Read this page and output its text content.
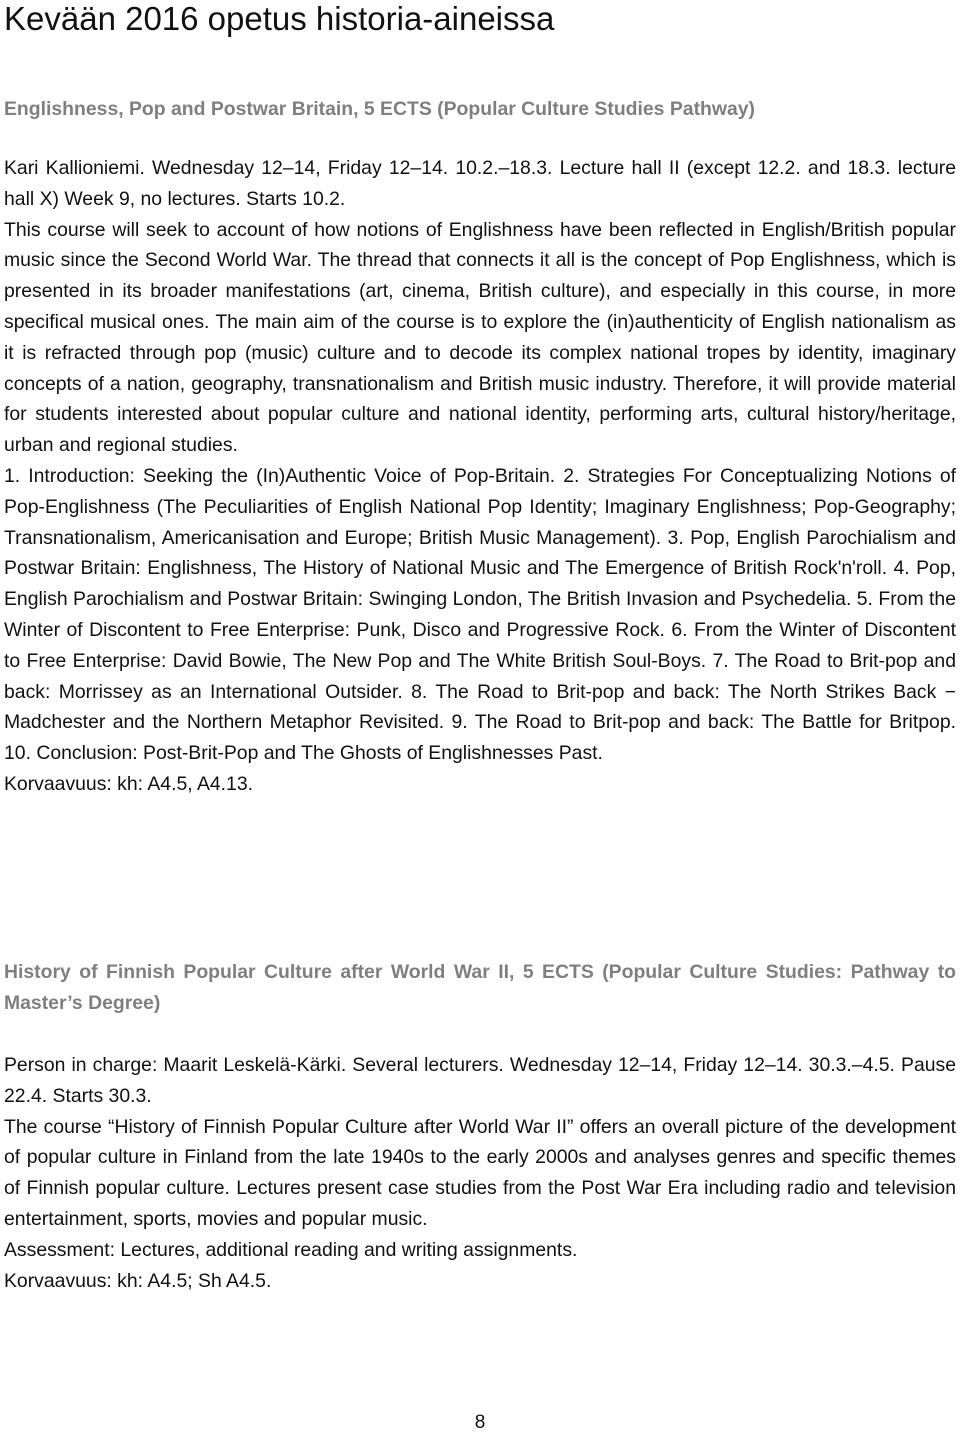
Kevään 2016 opetus historia-aineissa
Englishness, Pop and Postwar Britain, 5 ECTS (Popular Culture Studies Pathway)

Kari Kallioniemi. Wednesday 12–14, Friday 12–14. 10.2.–18.3. Lecture hall II (except 12.2. and 18.3. lecture hall X) Week 9, no lectures. Starts 10.2.

This course will seek to account of how notions of Englishness have been reflected in English/British popular music since the Second World War. The thread that connects it all is the concept of Pop Englishness, which is presented in its broader manifestations (art, cinema, British culture), and especially in this course, in more specifical musical ones. The main aim of the course is to explore the (in)authenticity of English nationalism as it is refracted through pop (music) culture and to decode its complex national tropes by identity, imaginary concepts of a nation, geography, transnationalism and British music industry. Therefore, it will provide material for students interested about popular culture and national identity, performing arts, cultural history/heritage, urban and regional studies.

1. Introduction: Seeking the (In)Authentic Voice of Pop-Britain. 2. Strategies For Conceptualizing Notions of Pop-Englishness (The Peculiarities of English National Pop Identity; Imaginary Englishness; Pop-Geography; Transnationalism, Americanisation and Europe; British Music Management). 3. Pop, English Parochialism and Postwar Britain: Englishness, The History of National Music and The Emergence of British Rock'n'roll. 4. Pop, English Parochialism and Postwar Britain: Swinging London, The British Invasion and Psychedelia. 5. From the Winter of Discontent to Free Enterprise: Punk, Disco and Progressive Rock. 6. From the Winter of Discontent to Free Enterprise: David Bowie, The New Pop and The White British Soul-Boys. 7. The Road to Brit-pop and back: Morrissey as an International Outsider. 8. The Road to Brit-pop and back: The North Strikes Back − Madchester and the Northern Metaphor Revisited. 9. The Road to Brit-pop and back: The Battle for Britpop. 10. Conclusion: Post-Brit-Pop and The Ghosts of Englishnesses Past.

Korvaavuus: kh: A4.5, A4.13.

History of Finnish Popular Culture after World War II, 5 ECTS (Popular Culture Studies: Pathway to Master’s Degree)

Person in charge: Maarit Leskelä-Kärki. Several lecturers. Wednesday 12–14, Friday 12–14. 30.3.–4.5. Pause 22.4. Starts 30.3.

The course “History of Finnish Popular Culture after World War II” offers an overall picture of the development of popular culture in Finland from the late 1940s to the early 2000s and analyses genres and specific themes of Finnish popular culture. Lectures present case studies from the Post War Era including radio and television entertainment, sports, movies and popular music.

Assessment: Lectures, additional reading and writing assignments.

Korvaavuus: kh: A4.5; Sh A4.5.

8
